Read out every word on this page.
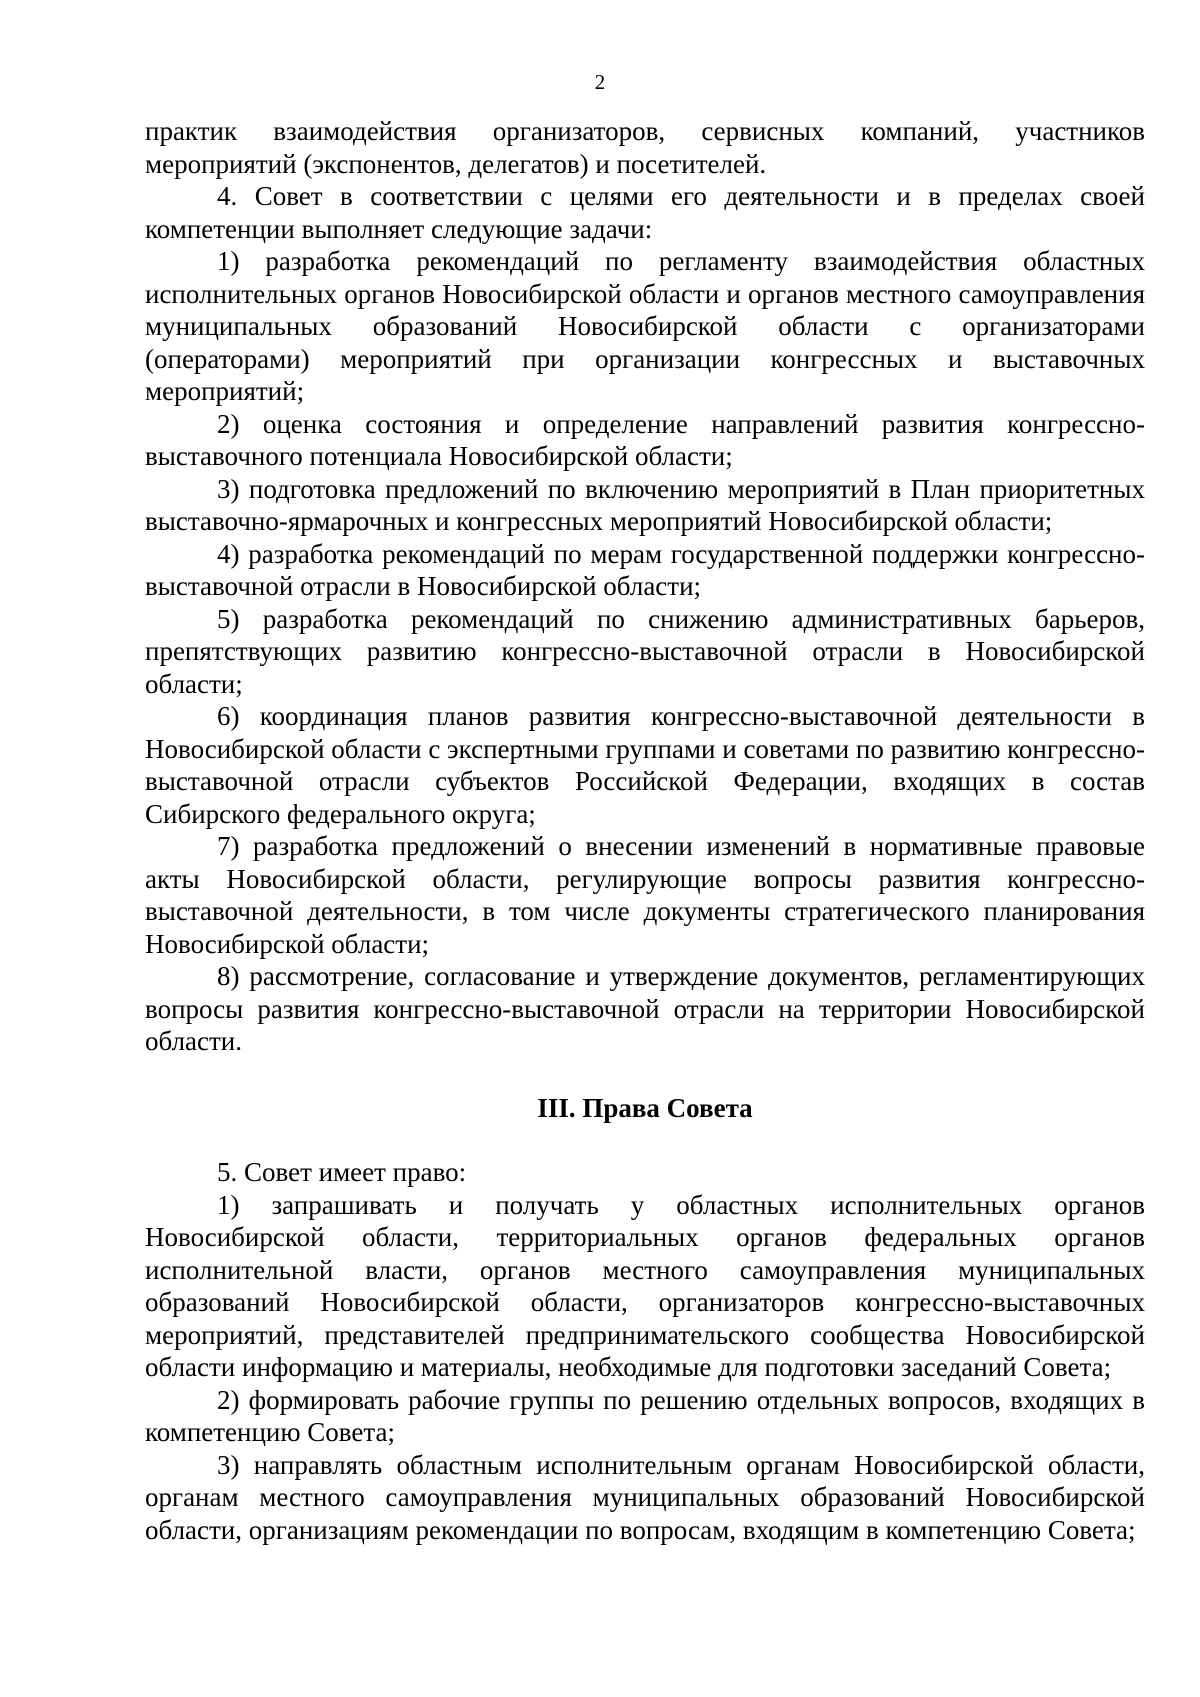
2

практик взаимодействия организаторов, сервисных компаний, участников мероприятий (экспонентов, делегатов) и посетителей.

4. Совет в соответствии с целями его деятельности и в пределах своей компетенции выполняет следующие задачи:

1) разработка рекомендаций по регламенту взаимодействия областных исполнительных органов Новосибирской области и органов местного самоуправления муниципальных образований Новосибирской области с организаторами (операторами) мероприятий при организации конгрессных и выставочных мероприятий;

2) оценка состояния и определение направлений развития конгрессно-выставочного потенциала Новосибирской области;

3) подготовка предложений по включению мероприятий в План приоритетных выставочно-ярмарочных и конгрессных мероприятий Новосибирской области;

4) разработка рекомендаций по мерам государственной поддержки конгрессно-выставочной отрасли в Новосибирской области;

5) разработка рекомендаций по снижению административных барьеров, препятствующих развитию конгрессно-выставочной отрасли в Новосибирской области;

6) координация планов развития конгрессно-выставочной деятельности в Новосибирской области с экспертными группами и советами по развитию конгрессно-выставочной отрасли субъектов Российской Федерации, входящих в состав Сибирского федерального округа;

7) разработка предложений о внесении изменений в нормативные правовые акты Новосибирской области, регулирующие вопросы развития конгрессно-выставочной деятельности, в том числе документы стратегического планирования Новосибирской области;

8) рассмотрение, согласование и утверждение документов, регламентирующих вопросы развития конгрессно-выставочной отрасли на территории Новосибирской области.

III. Права Совета

5. Совет имеет право:

1) запрашивать и получать у областных исполнительных органов Новосибирской области, территориальных органов федеральных органов исполнительной власти, органов местного самоуправления муниципальных образований Новосибирской области, организаторов конгрессно-выставочных мероприятий, представителей предпринимательского сообщества Новосибирской области информацию и материалы, необходимые для подготовки заседаний Совета;

2) формировать рабочие группы по решению отдельных вопросов, входящих в компетенцию Совета;

3) направлять областным исполнительным органам Новосибирской области, органам местного самоуправления муниципальных образований Новосибирской области, организациям рекомендации по вопросам, входящим в компетенцию Совета;
